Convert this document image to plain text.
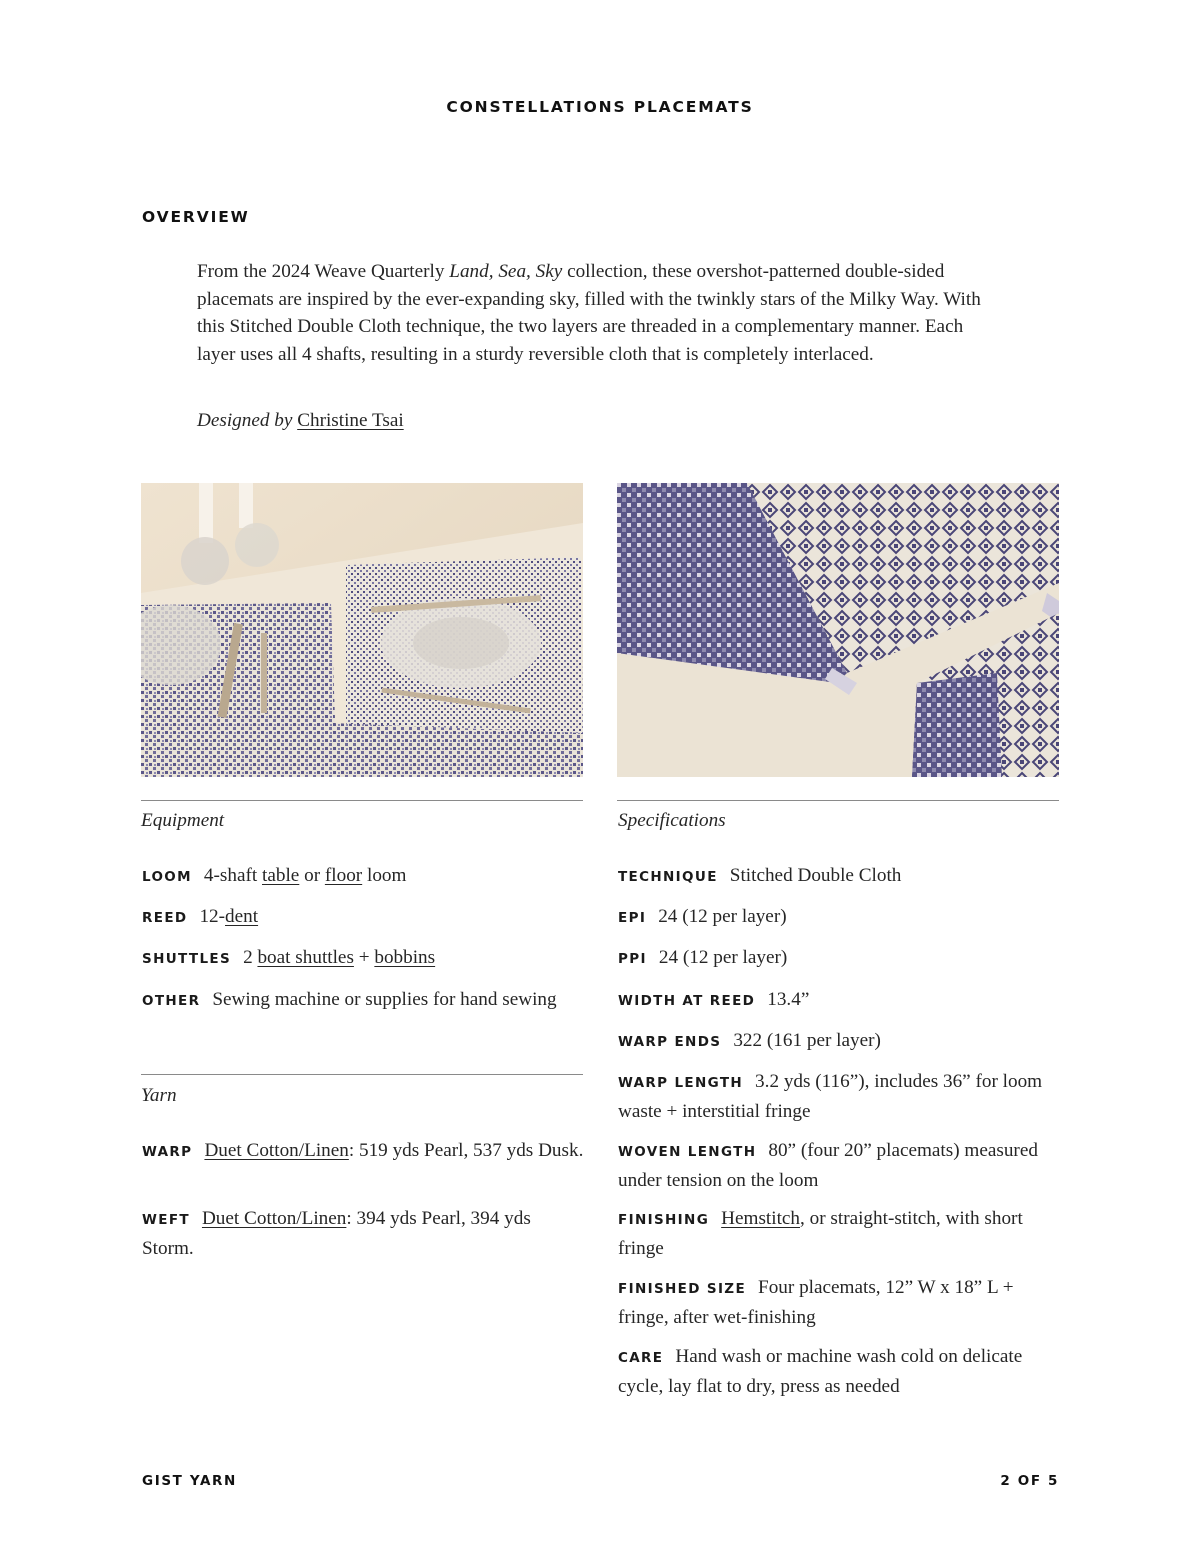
CONSTELLATIONS PLACEMATS
OVERVIEW

From the 2024 Weave Quarterly Land, Sea, Sky collection, these overshot-patterned double-sided placemats are inspired by the ever-expanding sky, filled with the twinkly stars of the Milky Way. With this Stitched Double Cloth technique, the two layers are threaded in a complementary manner. Each layer uses all 4 shafts, resulting in a sturdy reversible cloth that is completely interlaced.

Designed by Christine Tsai
Equipment
LOOM 4-shaft table or floor loom
REED 12-dent
SHUTTLES 2 boat shuttles + bobbins
OTHER Sewing machine or supplies for hand sewing
Yarn
WARP Duet Cotton/Linen: 519 yds Pearl, 537 yds Dusk.
WEFT Duet Cotton/Linen: 394 yds Pearl, 394 yds Storm.
Specifications
TECHNIQUE Stitched Double Cloth
EPI 24 (12 per layer)
PPI 24 (12 per layer)
WIDTH AT REED 13.4”
WARP ENDS 322 (161 per layer)
WARP LENGTH 3.2 yds (116”), includes 36” for loom waste + interstitial fringe
WOVEN LENGTH 80” (four 20” placemats) measured under tension on the loom
FINISHING Hemstitch, or straight-stitch, with short fringe
FINISHED SIZE Four placemats, 12” W x 18” L + fringe, after wet-finishing
CARE Hand wash or machine wash cold on delicate cycle, lay flat to dry, press as needed
GIST YARN	2 OF 5
